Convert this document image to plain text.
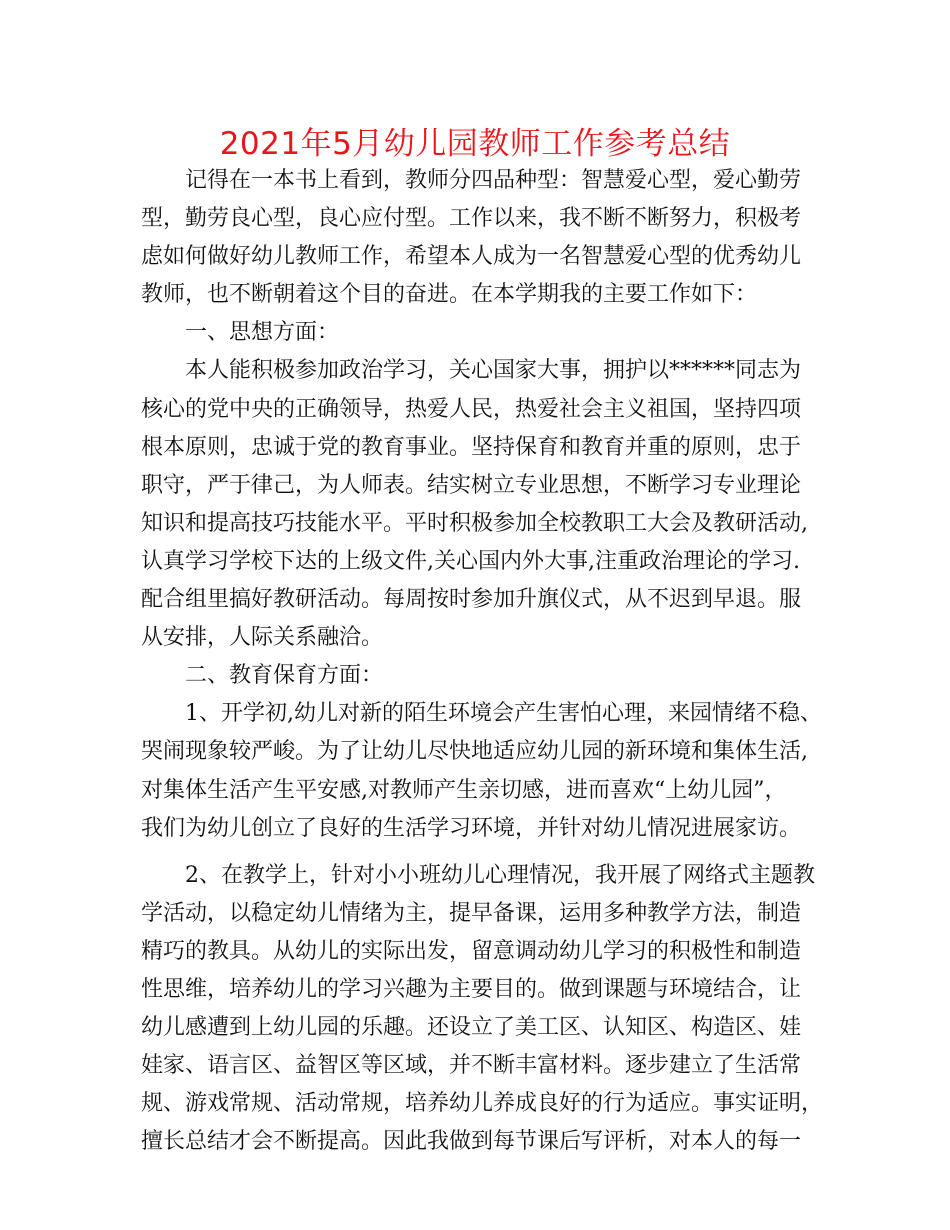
2021年5月幼儿园教师工作参考总结
记得在一本书上看到，教师分四品种型：智慧爱心型，爱心勤劳
型，勤劳良心型，良心应付型。工作以来，我不断不断努力，积极考
虑如何做好幼儿教师工作，希望本人成为一名智慧爱心型的优秀幼儿
教师，也不断朝着这个目的奋进。在本学期我的主要工作如下：
一、思想方面：
本人能积极参加政治学习，关心国家大事，拥护以******同志为
核心的党中央的正确领导，热爱人民，热爱社会主义祖国，坚持四项
根本原则，忠诚于党的教育事业。坚持保育和教育并重的原则，忠于
职守，严于律己，为人师表。结实树立专业思想，不断学习专业理论
知识和提高技巧技能水平。平时积极参加全校教职工大会及教研活动,
认真学习学校下达的上级文件,关心国内外大事,注重政治理论的学习.
配合组里搞好教研活动。每周按时参加升旗仪式，从不迟到早退。服
从安排，人际关系融洽。
二、教育保育方面：
1、开学初,幼儿对新的陌生环境会产生害怕心理，来园情绪不稳、
哭闹现象较严峻。为了让幼儿尽快地适应幼儿园的新环境和集体生活,
对集体生活产生平安感,对教师产生亲切感，进而喜欢“上幼儿园”，
我们为幼儿创立了良好的生活学习环境，并针对幼儿情况进展家访。
2、在教学上，针对小小班幼儿心理情况，我开展了网络式主题教
学活动，以稳定幼儿情绪为主，提早备课，运用多种教学方法，制造
精巧的教具。从幼儿的实际出发，留意调动幼儿学习的积极性和制造
性思维，培养幼儿的学习兴趣为主要目的。做到课题与环境结合，让
幼儿感遭到上幼儿园的乐趣。还设立了美工区、认知区、构造区、娃
娃家、语言区、益智区等区域，并不断丰富材料。逐步建立了生活常
规、游戏常规、活动常规，培养幼儿养成良好的行为适应。事实证明，
擅长总结才会不断提高。因此我做到每节课后写评析，对本人的每一
